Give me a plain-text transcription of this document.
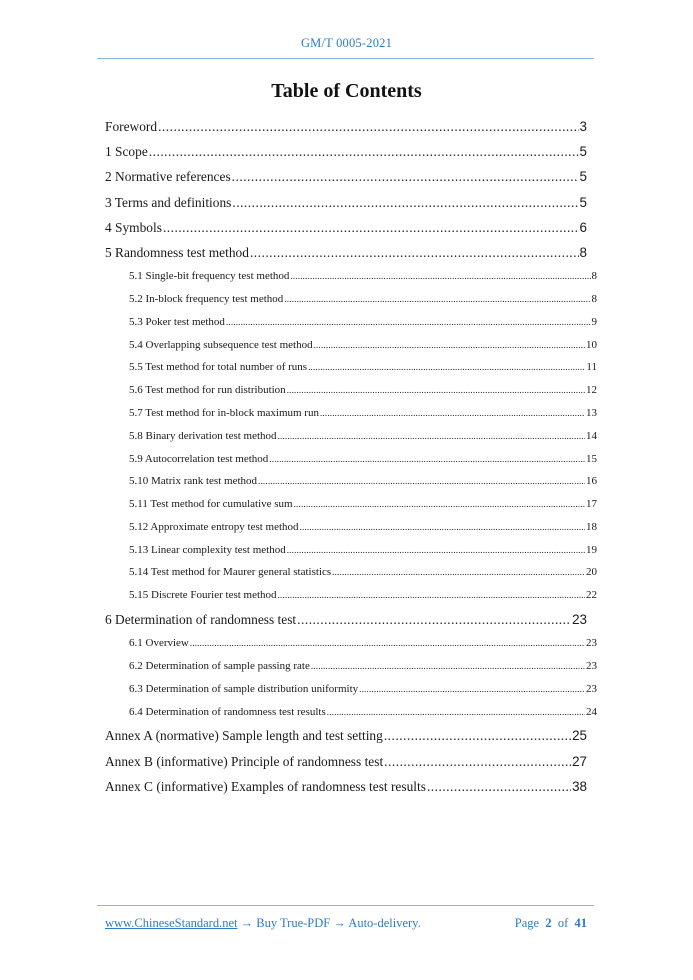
GM/T 0005-2021
Table of Contents
Foreword .....	3
1 Scope .....	5
2 Normative references .....	5
3 Terms and definitions .....	5
4 Symbols .....	6
5 Randomness test method .....	8
5.1 Single-bit frequency test method .....	8
5.2 In-block frequency test method .....	8
5.3 Poker test method .....	9
5.4 Overlapping subsequence test method .....	10
5.5 Test method for total number of runs .....	11
5.6 Test method for run distribution .....	12
5.7 Test method for in-block maximum run .....	13
5.8 Binary derivation test method .....	14
5.9 Autocorrelation test method .....	15
5.10 Matrix rank test method .....	16
5.11 Test method for cumulative sum .....	17
5.12 Approximate entropy test method .....	18
5.13 Linear complexity test method .....	19
5.14 Test method for Maurer general statistics .....	20
5.15 Discrete Fourier test method .....	22
6 Determination of randomness test .....	23
6.1 Overview .....	23
6.2 Determination of sample passing rate .....	23
6.3 Determination of sample distribution uniformity .....	23
6.4 Determination of randomness test results .....	24
Annex A (normative) Sample length and test setting .....	25
Annex B (informative) Principle of randomness test .....	27
Annex C (informative) Examples of randomness test results .....	38
www.ChineseStandard.net → Buy True-PDF → Auto-delivery.	Page 2 of 41
